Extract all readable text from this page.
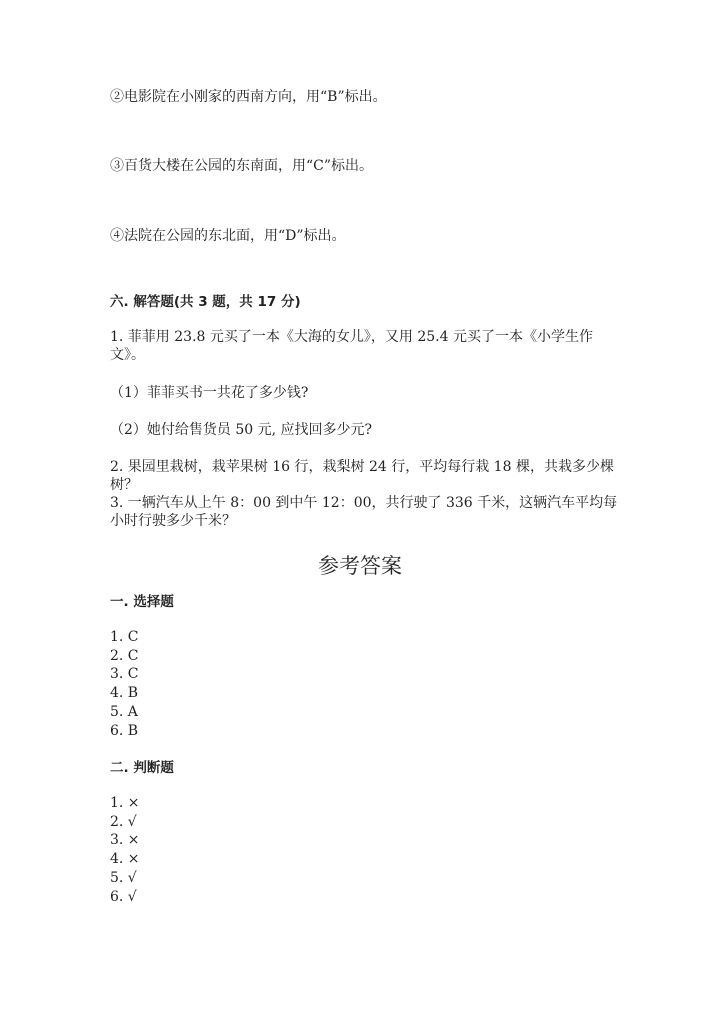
②电影院在小刚家的西南方向，用“B”标出。
③百货大楼在公园的东南面，用“C”标出。
④法院在公园的东北面，用“D”标出。
六. 解答题(共 3 题，共 17 分)
1. 菲菲用 23.8 元买了一本《大海的女儿》，又用 25.4 元买了一本《小学生作
文》。
（1）菲菲买书一共花了多少钱?
（2）她付给售货员 50 元, 应找回多少元?
2. 果园里栽树，栽苹果树 16 行，栽梨树 24 行，平均每行栽 18 棵，共栽多少棵
树？
3. 一辆汽车从上午 8：00 到中午 12：00，共行驶了 336 千米，这辆汽车平均每
小时行驶多少千米？
参考答案
一. 选择题
1. C
2. C
3. C
4. B
5. A
6. B
二. 判断题
1. ×
2. √
3. ×
4. ×
5. √
6. √
